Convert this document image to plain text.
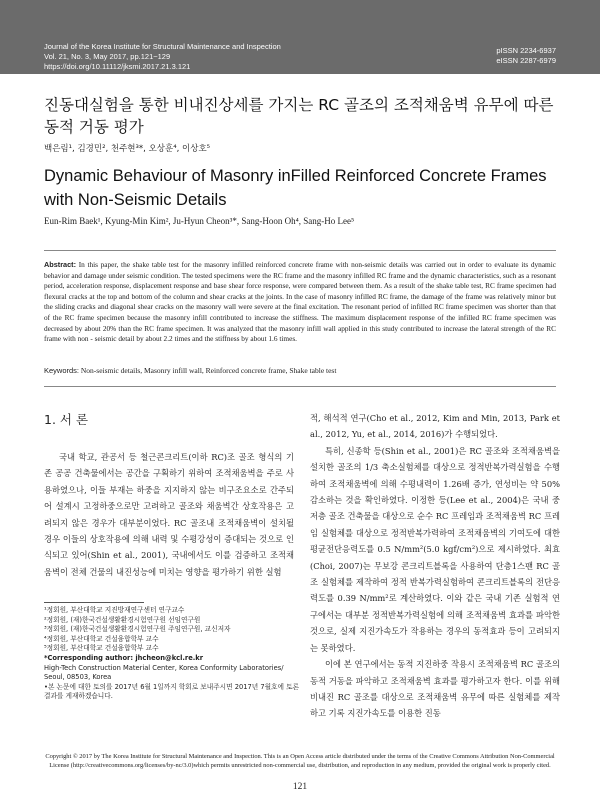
Journal of the Korea Institute for Structural Maintenance and Inspection
Vol. 21, No. 3, May 2017, pp.121~129
https://doi.org/10.11112/jksmi.2017.21.3.121
pISSN 2234-6937
eISSN 2287-6979
진동대실험을 통한 비내진상세를 가지는 RC 골조의 조적채움벽 유무에 따른 동적 거동 평가
백은림¹, 김경민², 천주현³*, 오상훈⁴, 이상호⁵
Dynamic Behaviour of Masonry inFilled Reinforced Concrete Frames with Non-Seismic Details
Eun-Rim Baek¹, Kyung-Min Kim², Ju-Hyun Cheon³*, Sang-Hoon Oh⁴, Sang-Ho Lee⁵
Abstract: In this paper, the shake table test for the masonry infilled reinforced concrete frame with non-seismic details was carried out in order to evaluate its dynamic behavior and damage under seismic condition. The tested specimens were the RC frame and the masonry infilled RC frame and the dynamic characteristics, such as a resonant period, acceleration response, displacement response and base shear force response, were compared between them. As a result of the shake table test, RC frame specimen had flexural cracks at the top and bottom of the column and shear cracks at the joints. In the case of masonry infilled RC frame, the damage of the frame was relatively minor but the sliding cracks and diagonal shear cracks on the masonry wall were severe at the final excitation. The resonant period of infilled RC frame specimen was shorter than that of the RC frame specimen because the masonry infill contributed to increase the stiffness. The maximum displacement response of the infilled RC frame specimen was decreased by about 20% than the RC frame specimen. It was analyzed that the masonry infill wall applied in this study contributed to increase the lateral strength of the RC frame with non - seismic detail by about 2.2 times and the stiffness by about 1.6 times.
Keywords: Non-seismic details, Masonry infill wall, Reinforced concrete frame, Shake table test
1. 서 론

국내 학교, 관공서 등 철근콘크리트(이하 RC)조 골조 형식의 기존 공공 건축물에서는 공간을 구획하기 위하여 조적채움벽을 주로 사용하였으나, 이들 부재는 하중을 지지하지 않는 비구조요소로 간주되어 설계시 고정하중으로만 고려하고 골조와 채움벽간 상호작용은 고려되지 않은 경우가 대부분이었다. RC 골조내 조적채움벽이 설치될 경우 이들의 상호작용에 의해 내력 및 수평강성이 증대되는 것으로 인식되고 있어(Shin et al., 2001), 국내에서도 이를 검증하고 조적채움벽이 전체 건물의 내진성능에 미치는 영향을 평가하기 위한 실험

적, 해석적 연구(Cho et al., 2012, Kim and Min, 2013, Park et al., 2012, Yu, et al., 2014, 2016)가 수행되었다.

특히, 신종학 등(Shin et al., 2001)은 RC 골조와 조적채움벽을 설치한 골조의 1/3 축소실험체를 대상으로 정적반복가력실험을 수행하여 조적채움벽에 의해 수평내력이 1.26배 증가, 연성비는 약 50% 감소하는 것을 확인하였다. 이정한 등(Lee et al., 2004)은 국내 중저층 골조 건축물을 대상으로 순수 RC 프레임과 조적채움벽 RC 프레임 실험체를 대상으로 정적반복가력하여 조적채움벽의 기여도에 대한 평균전단응력도를 0.5 N/mm²(5.0 kgf/cm²)으로 제시하였다. 최효(Choi, 2007)는 무보강 콘크리트블록을 사용하여 단층1스팬 RC 골조 실험체를 제작하여 정적 반복가력실험하여 콘크리트블록의 전단응력도를 0.39 N/mm²로 계산하였다. 이와 같은 국내 기존 실험적 연구에서는 대부분 정적반복가력실험에 의해 조적채움벽 효과를 파악한 것으로, 실제 지진가속도가 작용하는 경우의 동적효과 등이 고려되지는 못하였다.

이에 본 연구에서는 동적 지진하중 작용시 조적채움벽 RC 골조의 동적 거동을 파악하고 조적채움벽 효과를 평가하고자 한다. 이를 위해 비내진 RC 골조를 대상으로 조적채움벽 유무에 따른 실험체를 제작하고 기록 지진가속도를 이용한 진동

¹정회원, 부산대학교 지진방재연구센터 연구교수
²정회원, (재)한국건설생활환경시험연구원 선임연구원
³정회원, (재)한국건설생활환경시험연구원 주임연구원, 교신저자
⁴정회원, 부산대학교 건설융합학부 교수
⁵정회원, 부산대학교 건설융합학부 교수
*Corresponding author: jhcheon@kcl.re.kr
High-Tech Construction Material Center, Korea Conformity Laboratories/ Seoul, 08503, Korea
•본 논문에 대한 토의를 2017년 6월 1일까지 학회로 보내주시면 2017년 7월호에 토론결과를 게재하겠습니다.
Copyright © 2017 by The Korea Institute for Structural Maintenance and Inspection. This is an Open Access article distributed under the terms of the Creative Commons Attribution Non-Commercial License (http://creativecommons.org/licenses/by-nc/3.0)which permits unrestricted non-commercial use, distribution, and reproduction in any medium, provided the original work is properly cited.
121
